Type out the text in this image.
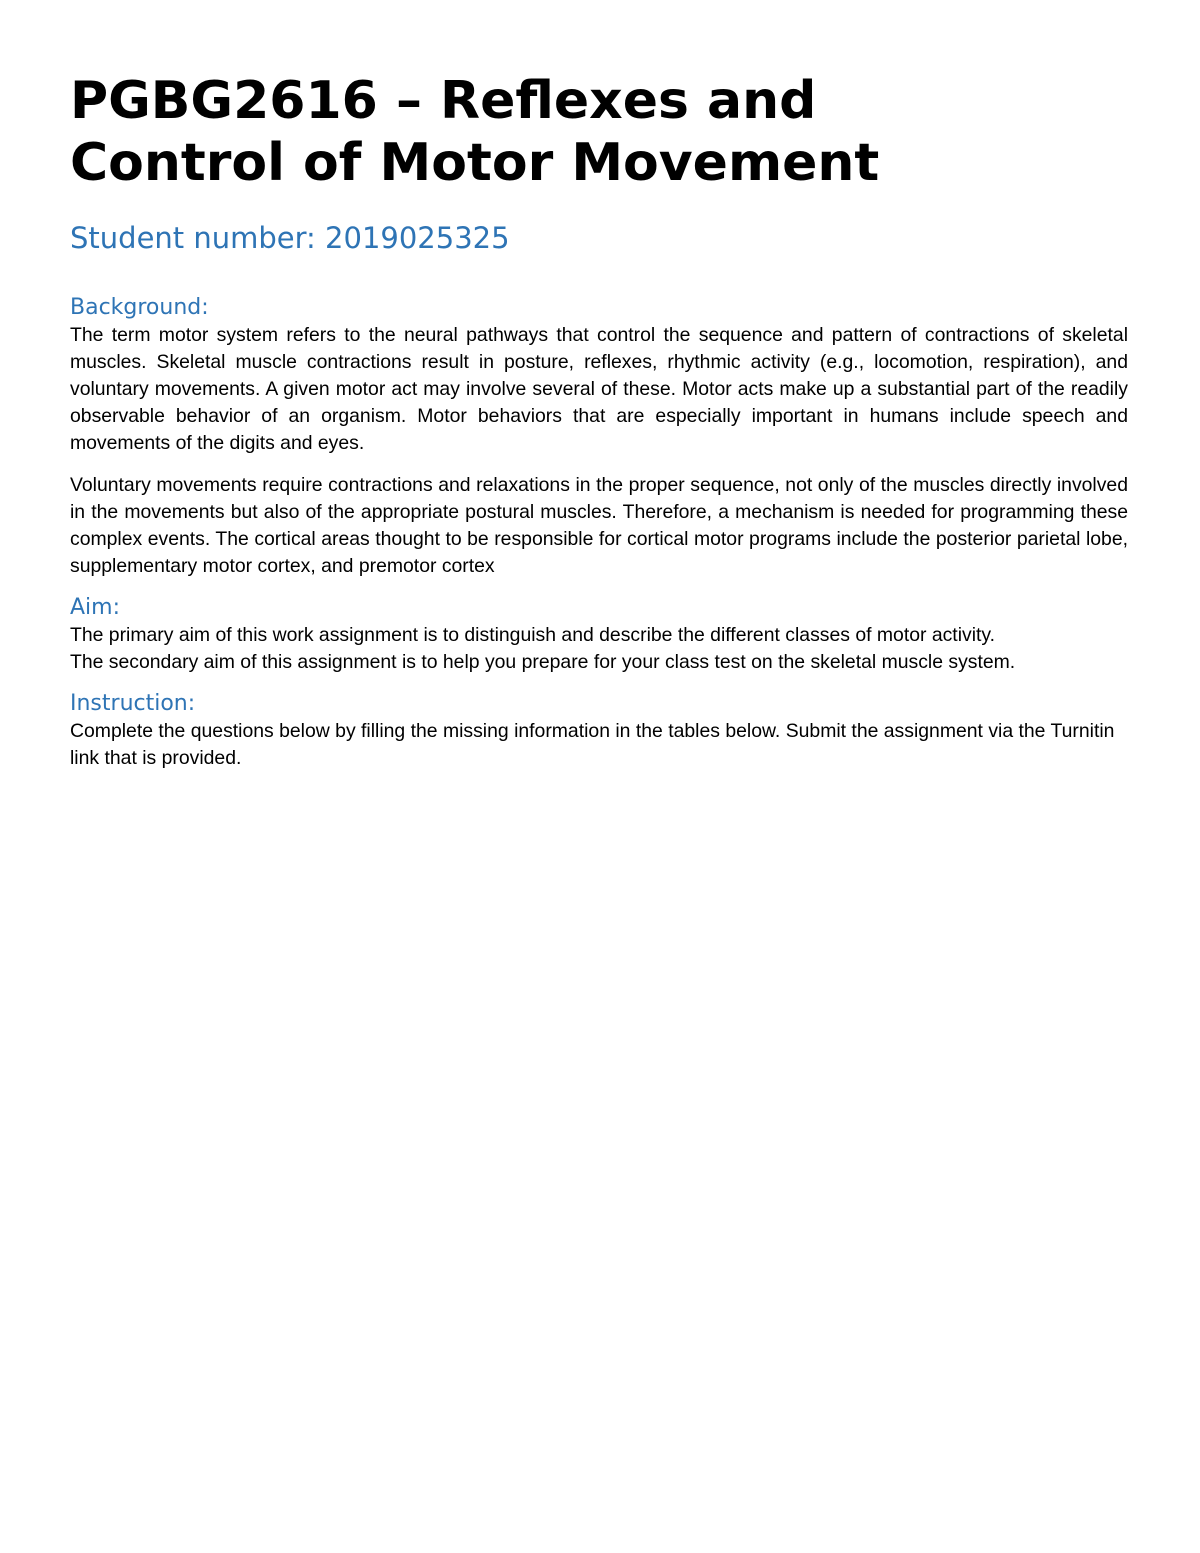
PGBG2616 – Reflexes and
Control of Motor Movement
Student number: 2019025325
Background:

The term motor system refers to the neural pathways that control the sequence and pattern of contractions of skeletal muscles. Skeletal muscle contractions result in posture, reflexes, rhythmic activity (e.g., locomotion, respiration), and voluntary movements. A given motor act may involve several of these. Motor acts make up a substantial part of the readily observable behavior of an organism. Motor behaviors that are especially important in humans include speech and movements of the digits and eyes.

Voluntary movements require contractions and relaxations in the proper sequence, not only of the muscles directly involved in the movements but also of the appropriate postural muscles. Therefore, a mechanism is needed for programming these complex events. The cortical areas thought to be responsible for cortical motor programs include the posterior parietal lobe, supplementary motor cortex, and premotor cortex

Aim:

The primary aim of this work assignment is to distinguish and describe the different classes of motor activity.
The secondary aim of this assignment is to help you prepare for your class test on the skeletal muscle system.

Instruction:

Complete the questions below by filling the missing information in the tables below. Submit the assignment via the Turnitin link that is provided.
